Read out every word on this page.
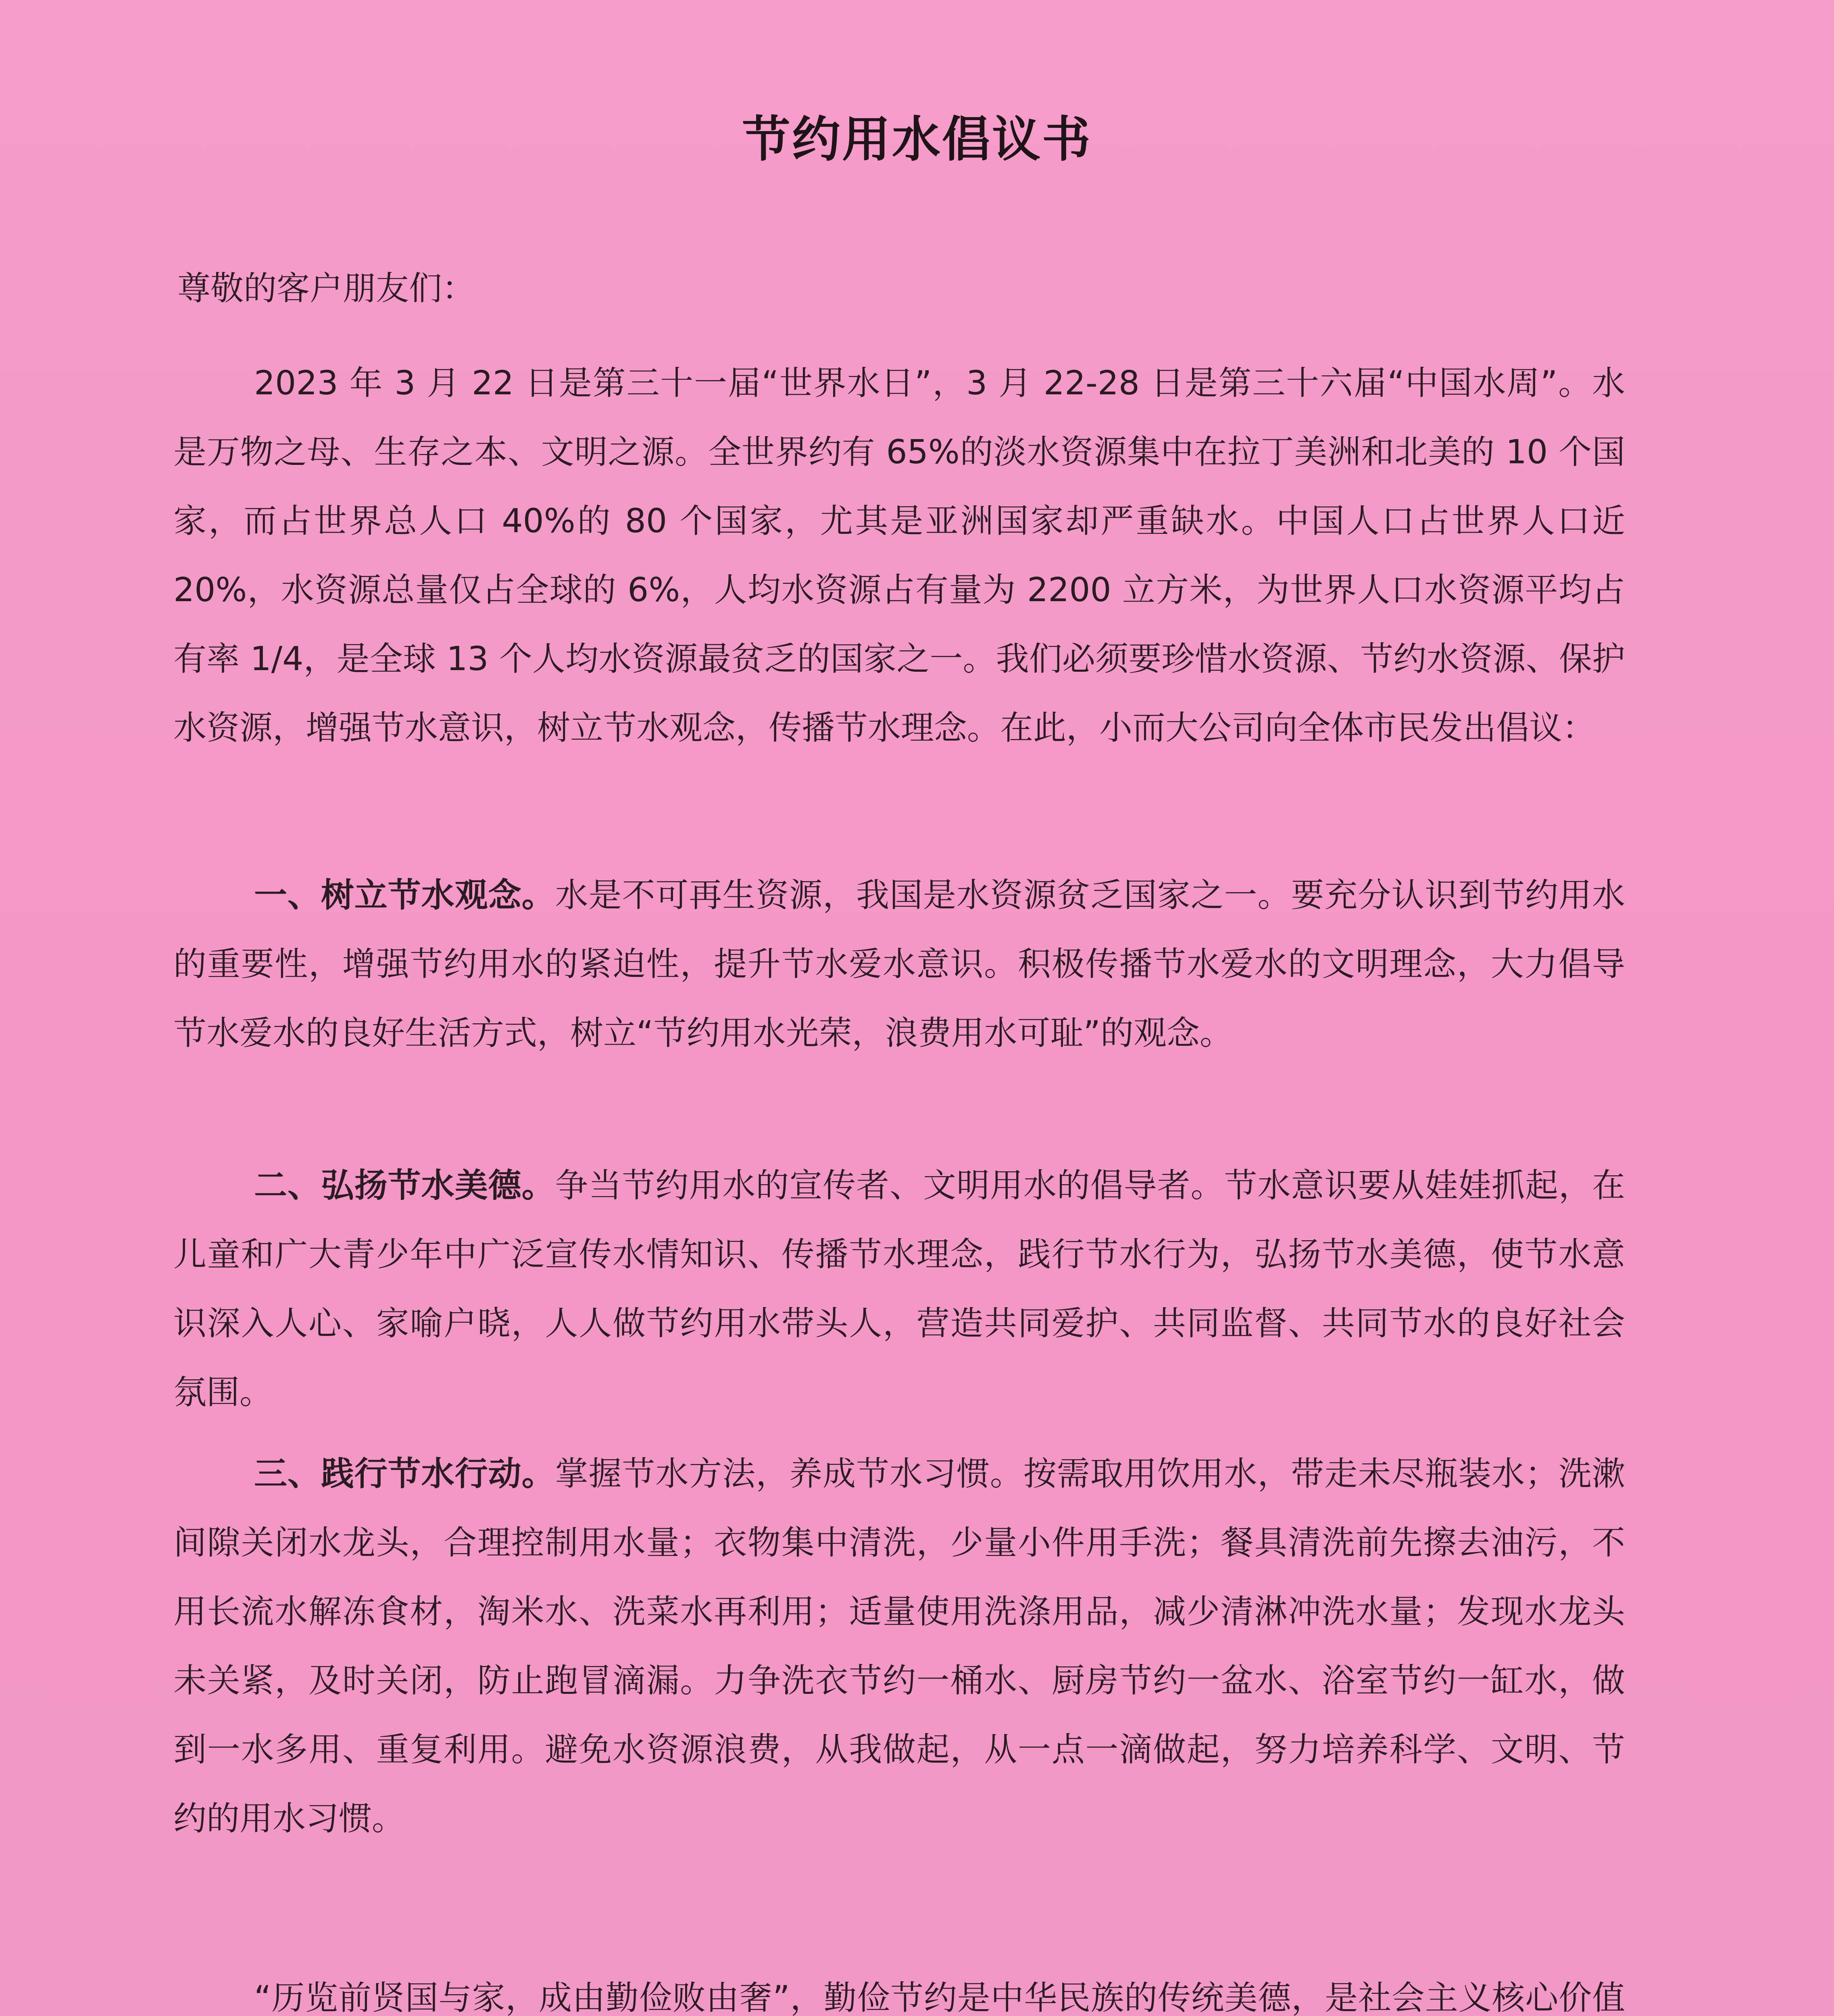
节约用水倡议书
尊敬的客户朋友们：
2023 年 3 月 22 日是第三十一届“世界水日”，3 月 22-28 日是第三十六届“中国水周”。水是万物之母、生存之本、文明之源。全世界约有 65%的淡水资源集中在拉丁美洲和北美的 10 个国家，而占世界总人口 40%的 80 个国家，尤其是亚洲国家却严重缺水。中国人口占世界人口近 20%，水资源总量仅占全球的 6%，人均水资源占有量为 2200 立方米，为世界人口水资源平均占有率 1/4，是全球 13 个人均水资源最贫乏的国家之一。我们必须要珍惜水资源、节约水资源、保护水资源，增强节水意识，树立节水观念，传播节水理念。在此，小而大公司向全体市民发出倡议：
一、树立节水观念。水是不可再生资源，我国是水资源贫乏国家之一。要充分认识到节约用水的重要性，增强节约用水的紧迫性，提升节水爱水意识。积极传播节水爱水的文明理念，大力倡导节水爱水的良好生活方式，树立“节约用水光荣，浪费用水可耻”的观念。
二、弘扬节水美德。争当节约用水的宣传者、文明用水的倡导者。节水意识要从娃娃抓起，在儿童和广大青少年中广泛宣传水情知识、传播节水理念，践行节水行为，弘扬节水美德，使节水意识深入人心、家喻户晓，人人做节约用水带头人，营造共同爱护、共同监督、共同节水的良好社会氛围。
三、践行节水行动。掌握节水方法，养成节水习惯。按需取用饮用水，带走未尽瓶装水；洗漱间隙关闭水龙头，合理控制用水量；衣物集中清洗，少量小件用手洗；餐具清洗前先擦去油污，不用长流水解冻食材，淘米水、洗菜水再利用；适量使用洗涤用品，减少清淋冲洗水量；发现水龙头未关紧，及时关闭，防止跑冒滴漏。力争洗衣节约一桶水、厨房节约一盆水、浴室节约一缸水，做到一水多用、重复利用。避免水资源浪费，从我做起，从一点一滴做起，努力培养科学、文明、节约的用水习惯。
“历览前贤国与家，成由勤俭败由奢”，勤俭节约是中华民族的传统美德，是社会主义核心价值
